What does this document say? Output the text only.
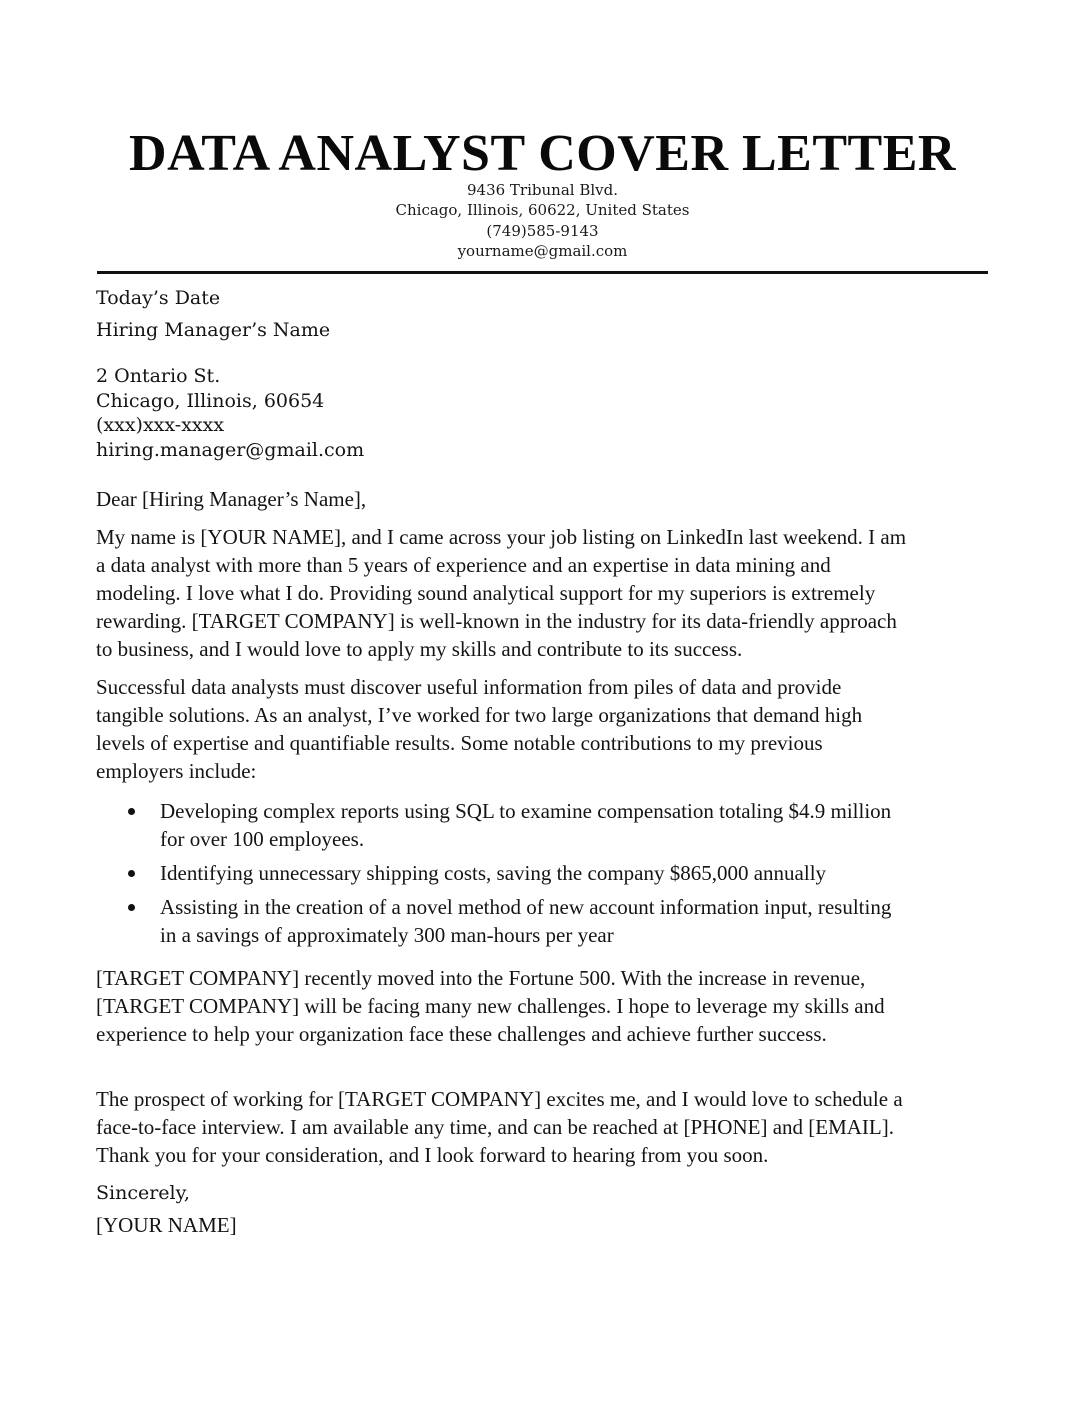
DATA ANALYST COVER LETTER
9436 Tribunal Blvd.
Chicago, Illinois, 60622, United States
(749)585-9143
yourname@gmail.com
Today’s Date
Hiring Manager’s Name
2 Ontario St.
Chicago, Illinois, 60654
(xxx)xxx-xxxx
hiring.manager@gmail.com
Dear [Hiring Manager’s Name],
My name is [YOUR NAME], and I came across your job listing on LinkedIn last weekend. I am
a data analyst with more than 5 years of experience and an expertise in data mining and
modeling. I love what I do. Providing sound analytical support for my superiors is extremely
rewarding. [TARGET COMPANY] is well-known in the industry for its data-friendly approach
to business, and I would love to apply my skills and contribute to its success.
Successful data analysts must discover useful information from piles of data and provide
tangible solutions. As an analyst, I’ve worked for two large organizations that demand high
levels of expertise and quantifiable results. Some notable contributions to my previous
employers include:
Developing complex reports using SQL to examine compensation totaling $4.9 million
for over 100 employees.
Identifying unnecessary shipping costs, saving the company $865,000 annually
Assisting in the creation of a novel method of new account information input, resulting
in a savings of approximately 300 man-hours per year
[TARGET COMPANY] recently moved into the Fortune 500. With the increase in revenue,
[TARGET COMPANY] will be facing many new challenges. I hope to leverage my skills and
experience to help your organization face these challenges and achieve further success.
The prospect of working for [TARGET COMPANY] excites me, and I would love to schedule a
face-to-face interview. I am available any time, and can be reached at [PHONE] and [EMAIL].
Thank you for your consideration, and I look forward to hearing from you soon.
Sincerely,
[YOUR NAME]
